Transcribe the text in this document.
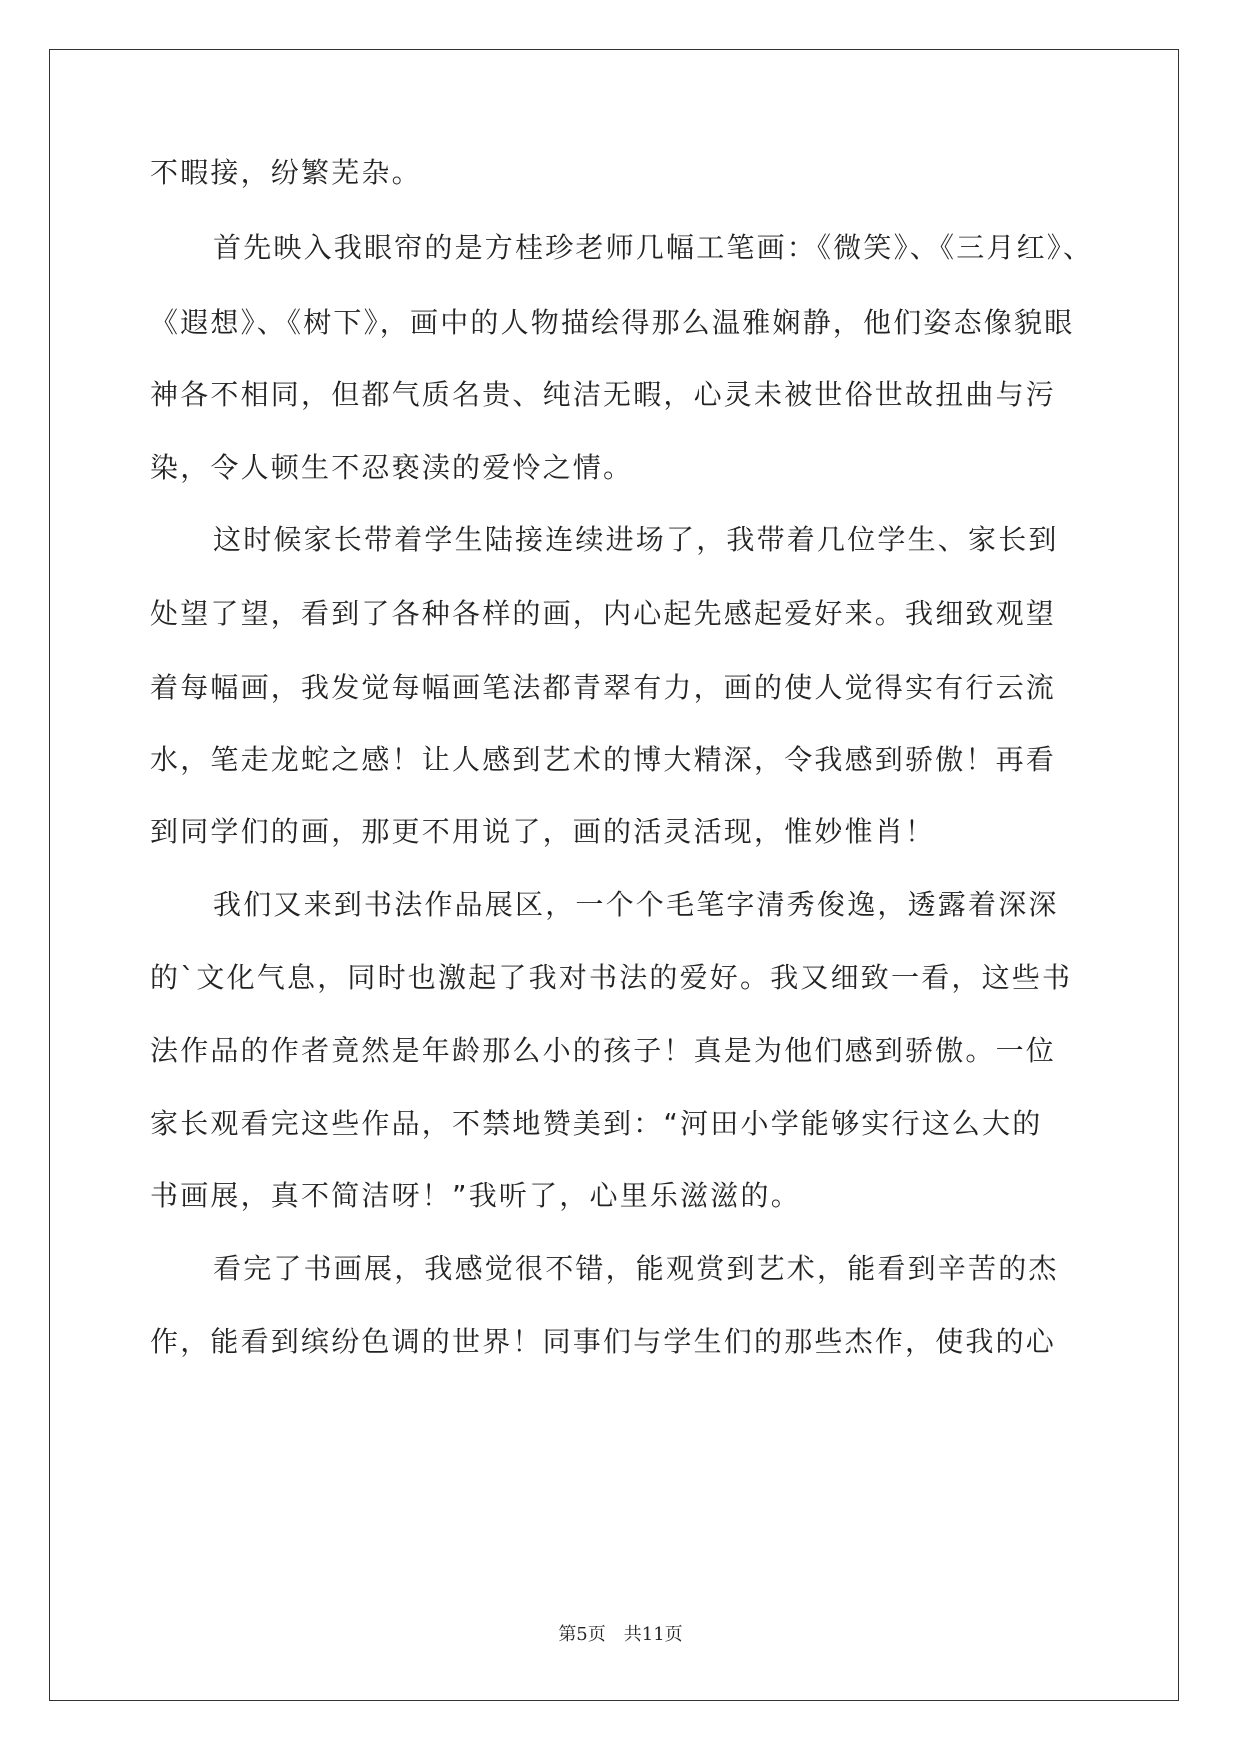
不暇接，纷繁芜杂。
首先映入我眼帘的是方桂珍老师几幅工笔画：《微笑》、《三月红》、
《遐想》、《树下》，画中的人物描绘得那么温雅娴静，他们姿态像貌眼
神各不相同，但都气质名贵、纯洁无暇，心灵未被世俗世故扭曲与污
染，令人顿生不忍亵渎的爱怜之情。
这时候家长带着学生陆接连续进场了，我带着几位学生、家长到
处望了望，看到了各种各样的画，内心起先感起爱好来。我细致观望
着每幅画，我发觉每幅画笔法都青翠有力，画的使人觉得实有行云流
水，笔走龙蛇之感！让人感到艺术的博大精深，令我感到骄傲！再看
到同学们的画，那更不用说了，画的活灵活现，惟妙惟肖！
我们又来到书法作品展区，一个个毛笔字清秀俊逸，透露着深深
的`文化气息，同时也激起了我对书法的爱好。我又细致一看，这些书
法作品的作者竟然是年龄那么小的孩子！真是为他们感到骄傲。一位
家长观看完这些作品，不禁地赞美到：“河田小学能够实行这么大的
书画展，真不简洁呀！”我听了，心里乐滋滋的。
看完了书画展，我感觉很不错，能观赏到艺术，能看到辛苦的杰
作，能看到缤纷色调的世界！同事们与学生们的那些杰作，使我的心
第5页 共11页
